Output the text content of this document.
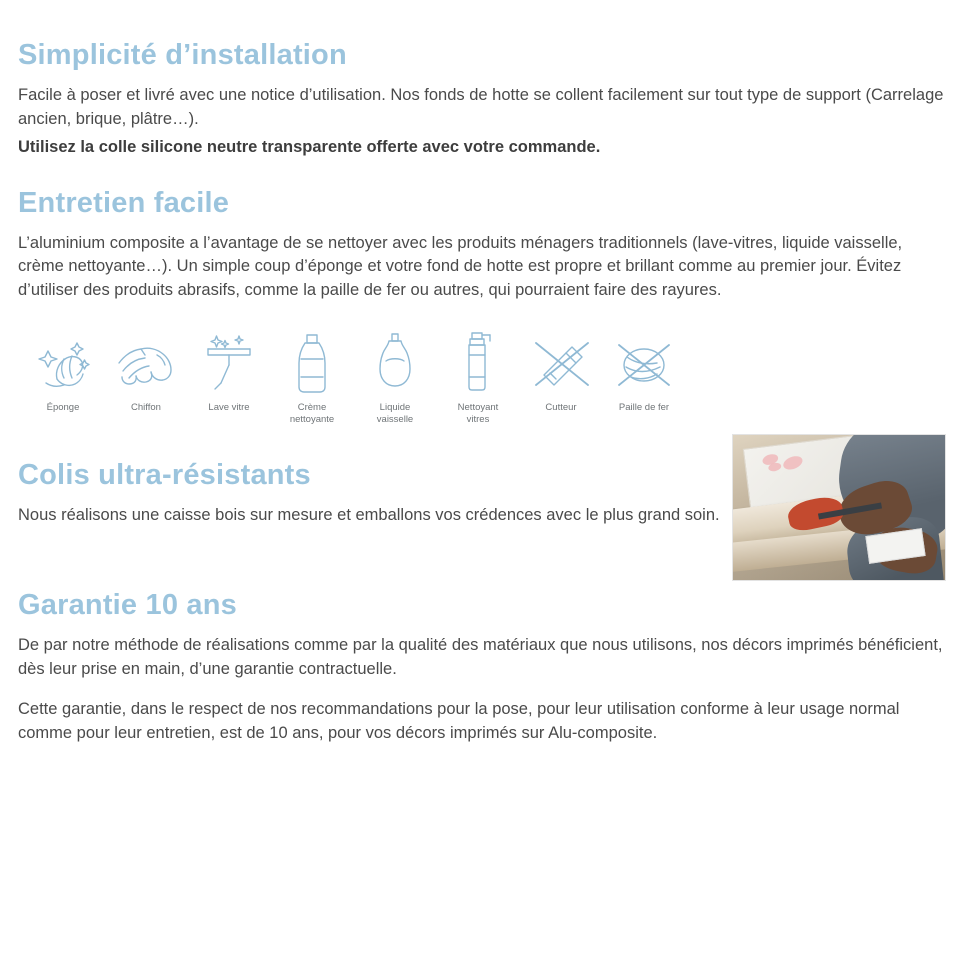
Simplicité d’installation

Facile à poser et livré avec une notice d’utilisation. Nos fonds de hotte se collent facilement sur tout type de support (Carrelage ancien, brique, plâtre…).

Utilisez la colle silicone neutre transparente offerte avec votre commande.

Entretien facile

L’aluminium composite a l’avantage de se nettoyer avec les produits ménagers traditionnels (lave-vitres, liquide vaisselle, crème nettoyante…). Un simple coup d’éponge et votre fond de hotte est propre et brillant comme au premier jour. Évitez d’utiliser des produits abrasifs, comme la paille de fer ou autres, qui pourraient faire des rayures.

Éponge	Chiffon	Lave vitre	Crème
nettoyante
Liquide
vaisselle
Nettoyant
vitres
Cutteur	Paille de fer
Colis ultra-résistants

Nous réalisons une caisse bois sur mesure et emballons vos crédences avec le plus grand soin.

Garantie 10 ans

De par notre méthode de réalisations comme par la qualité des matériaux que nous utilisons, nos décors imprimés bénéficient, dès leur prise en main, d’une garantie contractuelle.

Cette garantie, dans le respect de nos recommandations pour la pose, pour leur utilisation conforme à leur usage normal comme pour leur entretien, est de 10 ans, pour vos décors imprimés sur Alu-composite.
